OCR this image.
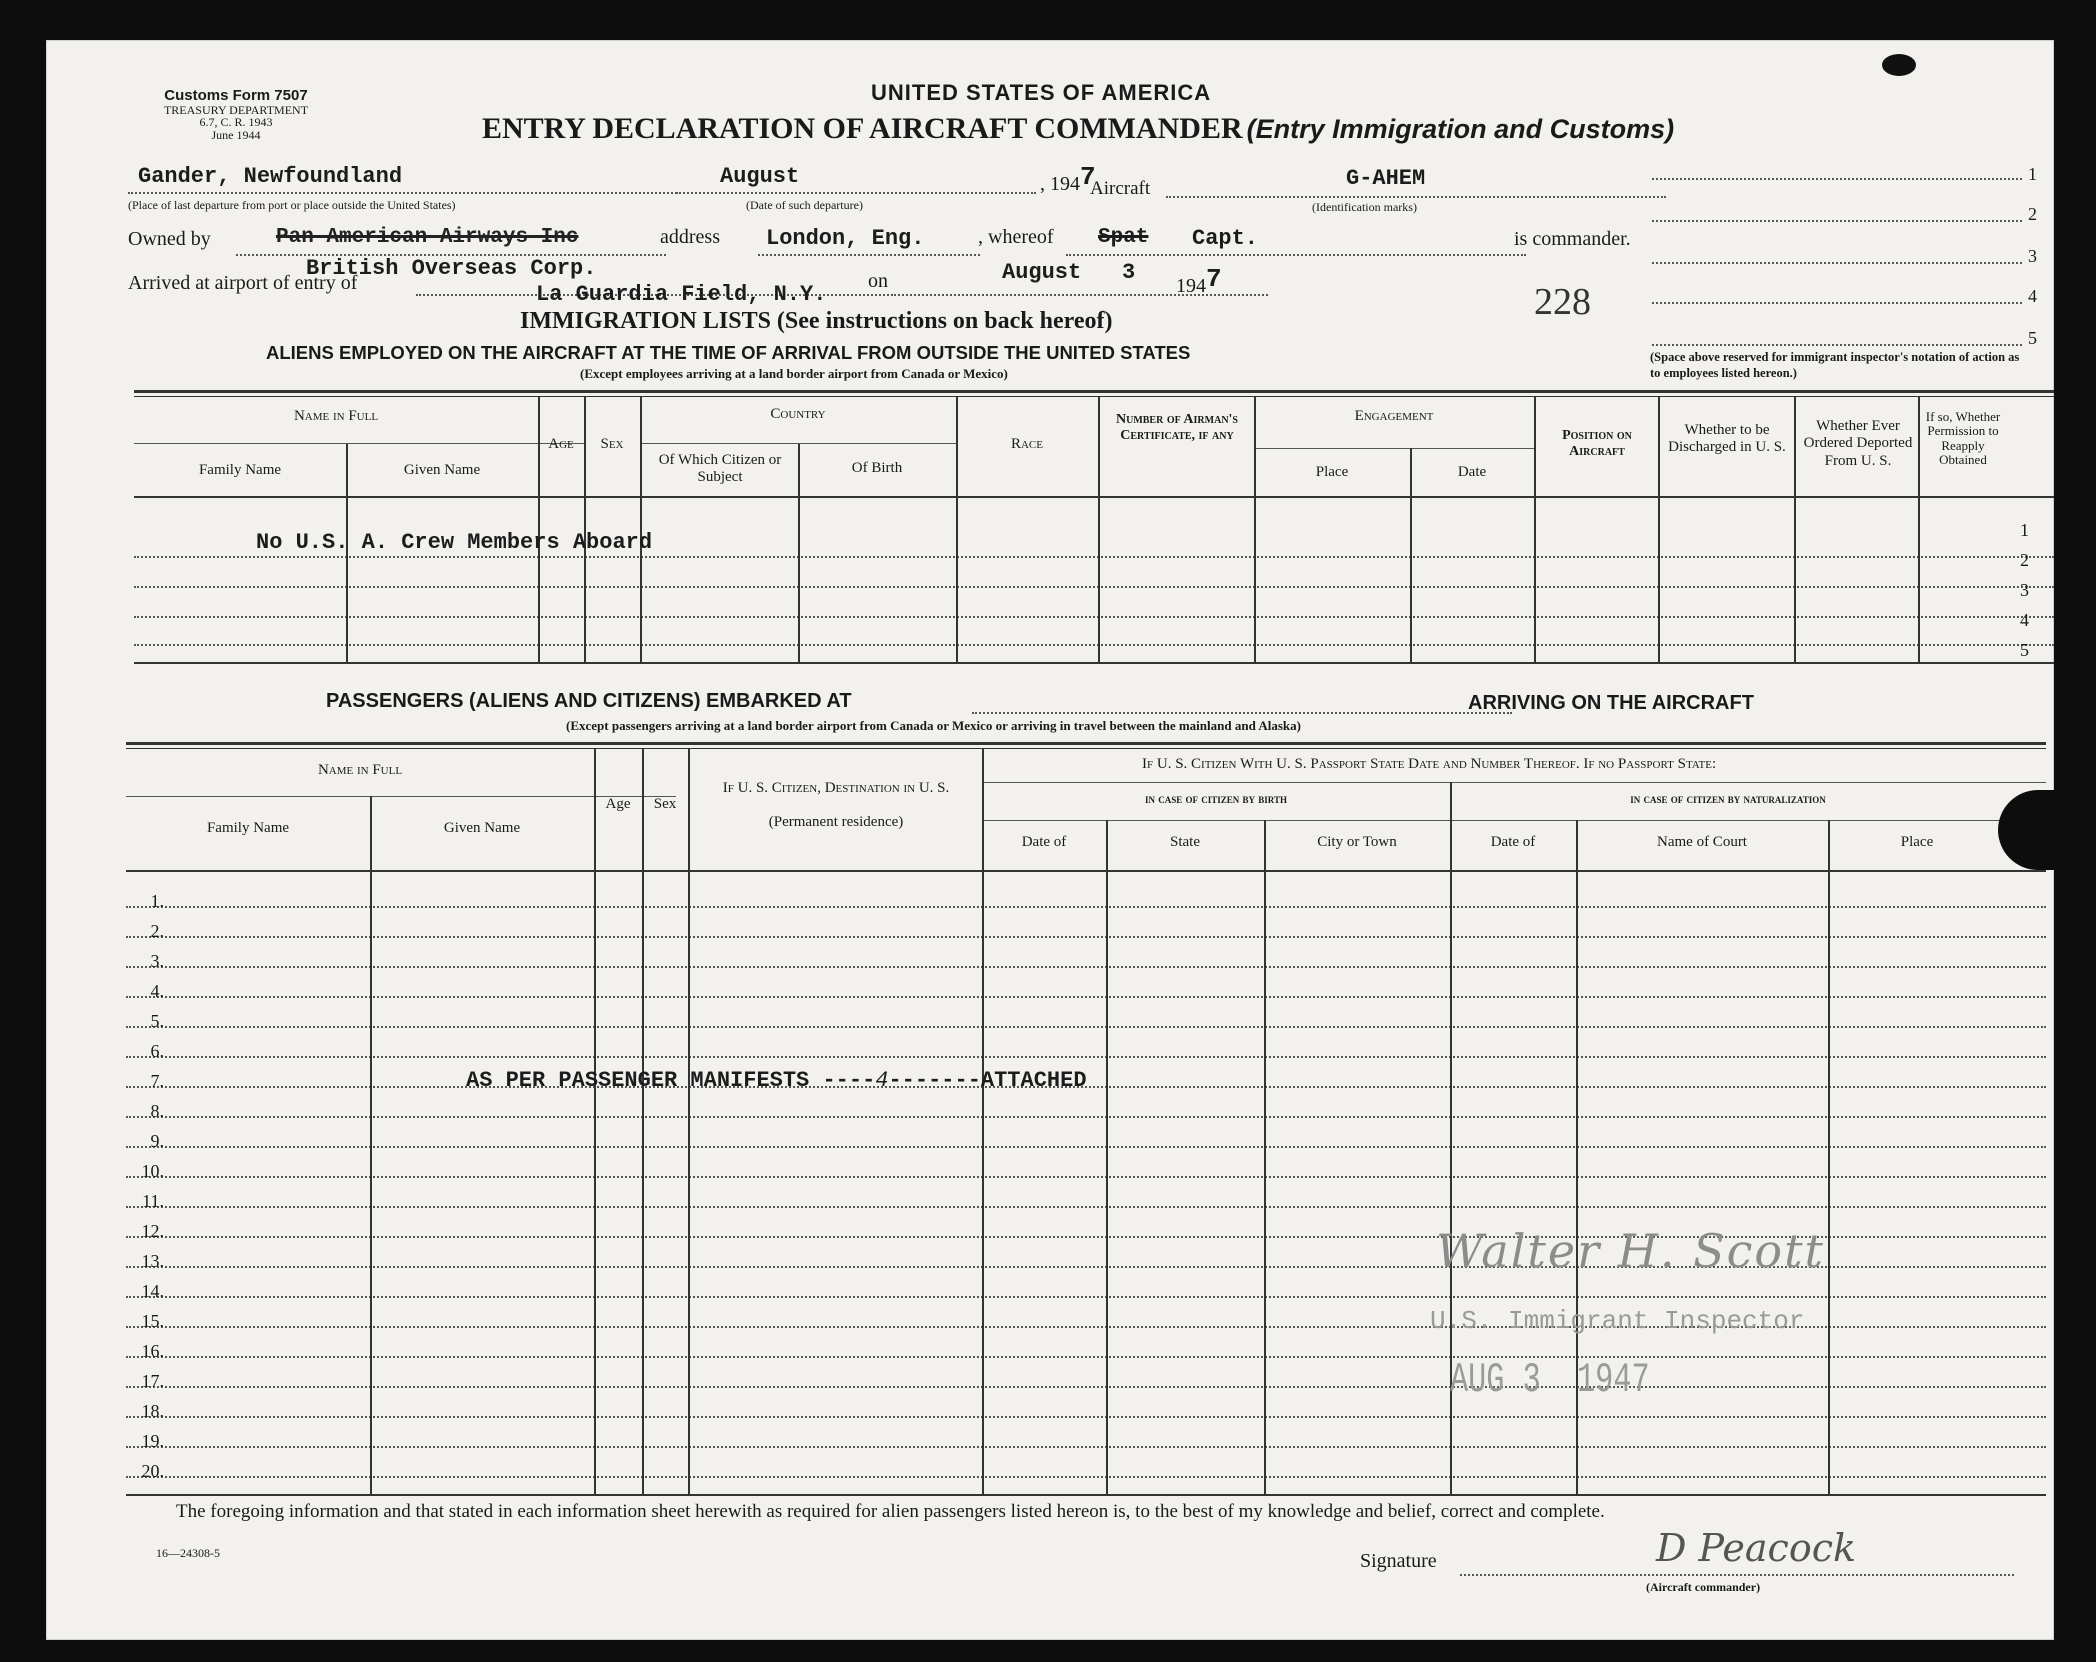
Customs Form 7507
TREASURY DEPARTMENT
6.7, C. R. 1943
June 1944
UNITED STATES OF AMERICA
ENTRY DECLARATION OF AIRCRAFT COMMANDER (Entry Immigration and Customs)
Gander, Newfoundland
(Place of last departure from port or place outside the United States)
August
(Date of such departure)
, 1947
Aircraft	G-AHEM
(Identification marks)
Owned by	Pan American Airways Inc	address London, Eng.	, whereof Spat Capt.	is commander.
British Overseas Corp.
Arrived at airport of entry of	La Guardia Field, N.Y.
on	August 3
1947
228
1
2
3
4
5
(Space above reserved for immigrant inspector's notation of action as to employees listed hereon.)
IMMIGRATION LISTS (See instructions on back hereof)
ALIENS EMPLOYED ON THE AIRCRAFT AT THE TIME OF ARRIVAL FROM OUTSIDE THE UNITED STATES
(Except employees arriving at a land border airport from Canada or Mexico)
Name in Full
Family Name	Given Name
Age	Sex
Country
Of Which Citizen or Subject
Of Birth
Race
Number of Airman's Certificate, if any
Engagement
Place	Date
Position on Aircraft
Whether to be Discharged in U. S.
Whether Ever Ordered Deported From U. S.
If so, Whether Permission to Reapply Obtained
1
2
3
4
5
No U.S. A. Crew Members Aboard
PASSENGERS (ALIENS AND CITIZENS) EMBARKED AT	ARRIVING ON THE AIRCRAFT
(Except passengers arriving at a land border airport from Canada or Mexico or arriving in travel between the mainland and Alaska)
Name in Full
Family Name	Given Name
Age	Sex
If U. S. Citizen, Destination in U. S.
(Permanent residence)
If U. S. Citizen With U. S. Passport State Date and Number Thereof. If no Passport State:
in case of citizen by birth	in case of citizen by naturalization
Date of	State	City or Town	Date of	Name of Court	Place
1.
2.
3.
4.
5.
6.
7.
8.
9.
10.
11.
12.
13.
14.
15.
16.
17.
18.
19.
20.
AS PER PASSENGER MANIFESTS ----4-------ATTACHED
Walter H. Scott
U.S. Immigrant Inspector
AUG 3  1947
The foregoing information and that stated in each information sheet herewith as required for alien passengers listed hereon is, to the best of my knowledge and belief, correct and complete.
16—24308-5	Signature	D Peacock
(Aircraft commander)
